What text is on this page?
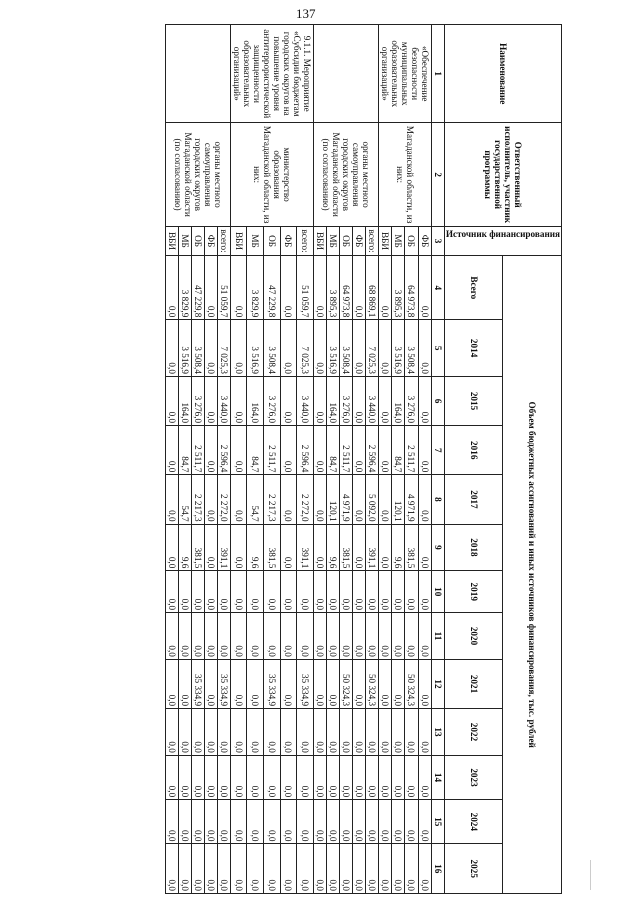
137
Наименование	Ответственный исполнитель, участник государственной программы	Источник финансирования	Объем бюджетных ассигнований и иных источников финансирования, тыс. рублей												
			Всего	2014	2015	2016	2017	2018	2019	2020	2021	2022	2023	2024	2025
1	2	3	4	5	6	7	8	9	10	11	12	13	14	15	16
«Обеспечение безопасности муниципальных образовательных организаций»	Магаданской области, из них:	ФБ	0,0	0,0	0,0	0,0	0,0	0,0	0,0	0,0	0,0	0,0	0,0	0,0	0,0
		ОБ	64 973,8	3 508,4	3 276,0	2 511,7	4 971,9	381,5	0,0	0,0	50 324,3	0,0	0,0	0,0	0,0
		МБ	3 895,3	3 516,9	164,0	84,7	120,1	9,6	0,0	0,0	0,0	0,0	0,0	0,0	0,0
		ВБИ	0,0	0,0	0,0	0,0	0,0	0,0	0,0	0,0	0,0	0,0	0,0	0,0	0,0
	органы местного самоуправления городских округов Магаданской области (по согласованию)	всего:	68 869,1	7 025,3	3 440,0	2 596,4	5 092,0	391,1	0,0	0,0	50 324,3	0,0	0,0	0,0	0,0
		ФБ	0,0	0,0	0,0	0,0	0,0	0,0	0,0	0,0	0,0	0,0	0,0	0,0	0,0
		ОБ	64 973,8	3 508,4	3 276,0	2 511,7	4 971,9	381,5	0,0	0,0	50 324,3	0,0	0,0	0,0	0,0
		МБ	3 895,3	3 516,9	164,0	84,7	120,1	9,6	0,0	0,0	0,0	0,0	0,0	0,0	0,0
		ВБИ	0,0	0,0	0,0	0,0	0,0	0,0	0,0	0,0	0,0	0,0	0,0	0,0	0,0
9.1.1. Мероприятие «Субсидии бюджетам городских округов на повышение уровня антитеррористической защищенности образовательных организаций»	министерство образования Магаданской области, из них:	всего:	51 059,7	7 025,3	3 440,0	2 596,4	2 272,0	391,1	0,0	0,0	35 334,9	0,0	0,0	0,0	0,0
		ФБ	0,0	0,0	0,0	0,0	0,0	0,0	0,0	0,0	0,0	0,0	0,0	0,0	0,0
		ОБ	47 229,8	3 508,4	3 276,0	2 511,7	2 217,3	381,5	0,0	0,0	35 334,9	0,0	0,0	0,0	0,0
		МБ	3 829,9	3 516,9	164,0	84,7	54,7	9,6	0,0	0,0	0,0	0,0	0,0	0,0	0,0
		ВБИ	0,0	0,0	0,0	0,0	0,0	0,0	0,0	0,0	0,0	0,0	0,0	0,0	0,0
	органы местного самоуправления городских округов Магаданской области (по согласованию)	всего:	51 059,7	7 025,3	3 440,0	2 596,4	2 272,0	391,1	0,0	0,0	35 334,9	0,0	0,0	0,0	0,0
		ФБ	0,0	0,0	0,0	0,0	0,0	0,0	0,0	0,0	0,0	0,0	0,0	0,0	0,0
		ОБ	47 229,8	3 508,4	3 276,0	2 511,7	2 217,3	381,5	0,0	0,0	35 334,9	0,0	0,0	0,0	0,0
		МБ	3 829,9	3 516,9	164,0	84,7	54,7	9,6	0,0	0,0	0,0	0,0	0,0	0,0	0,0
		ВБИ	0,0	0,0	0,0	0,0	0,0	0,0	0,0	0,0	0,0	0,0	0,0	0,0	0,0
